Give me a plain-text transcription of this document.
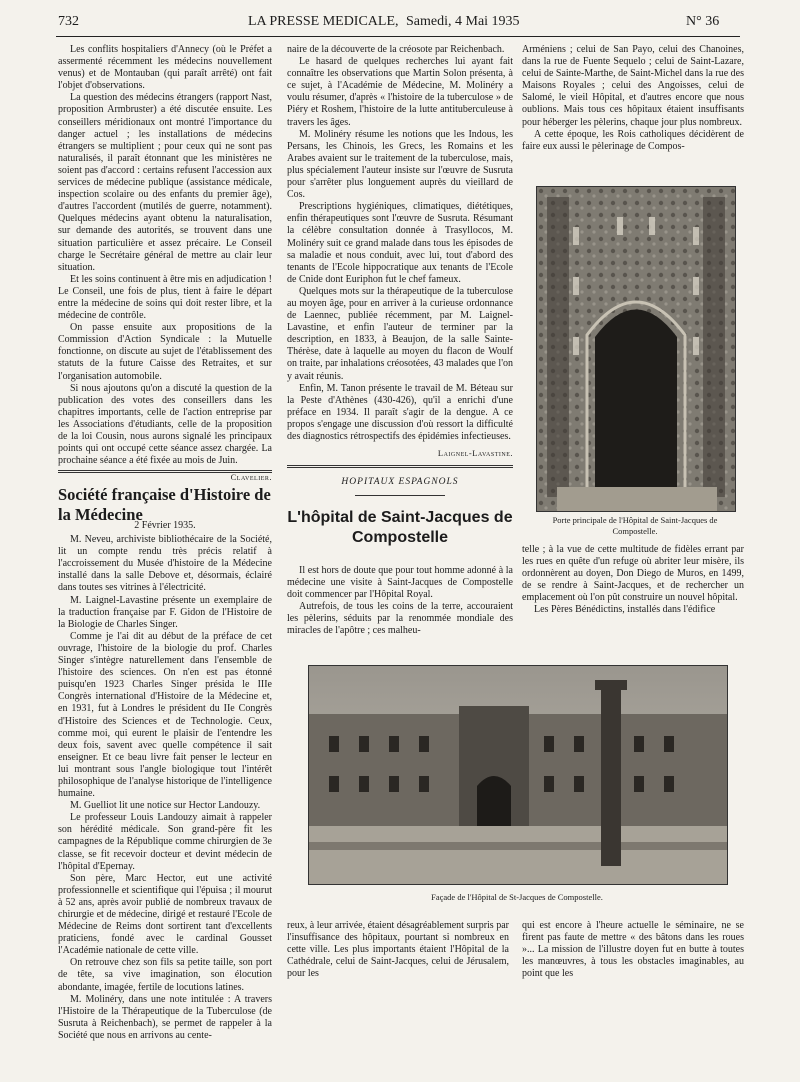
732	LA PRESSE MEDICALE, Samedi, 4 Mai 1935	N° 36

Les conflits hospitaliers d'Annecy (où le Préfet a assermenté récemment les médecins nouvellement venus) et de Montauban (qui paraît arrêté) ont fait l'objet d'observations.

La question des médecins étrangers (rapport Nast, proposition Armbruster) a été discutée ensuite. Les conseillers méridionaux ont montré l'importance du danger actuel ; les installations de médecins étrangers se multiplient ; pour ceux qui ne sont pas naturalisés, il paraît étonnant que les ministères ne soient pas d'accord : certains refusent l'accession aux services de médecine publique (assistance médicale, inspection scolaire ou des enfants du premier âge), d'autres l'accordent (mutilés de guerre, notamment). Quelques médecins ayant obtenu la naturalisation, sur demande des autorités, se trouvent dans une situation particulière et assez précaire. Le Conseil charge le Secrétaire général de mettre au clair leur situation.

Et les soins continuent à être mis en adjudication ! Le Conseil, une fois de plus, tient à faire le départ entre la médecine de soins qui doit rester libre, et la médecine de contrôle.

On passe ensuite aux propositions de la Commission d'Action Syndicale : la Mutuelle fonctionne, on discute au sujet de l'établissement des statuts de la future Caisse des Retraites, et sur l'organisation automobile.

Si nous ajoutons qu'on a discuté la question de la publication des votes des conseillers dans les chapitres importants, celle de l'action entreprise par les Associations d'étudiants, celle de la proposition de la loi Cousin, nous aurons signalé les principaux points qui ont occupé cette séance assez chargée. La prochaine séance a été fixée au mois de Juin.

Clavelier.
Société française d'Histoire de la Médecine
2 Février 1935.

M. Neveu, archiviste bibliothécaire de la Société, lit un compte rendu très précis relatif à l'accroissement du Musée d'histoire de la Médecine installé dans la salle Debove et, désormais, éclairé dans toutes ses vitrines à l'électricité.

M. Laignel-Lavastine présente un exemplaire de la traduction française par F. Gidon de l'Histoire de la Biologie de Charles Singer.

Comme je l'ai dit au début de la préface de cet ouvrage, l'histoire de la biologie du prof. Charles Singer s'intègre naturellement dans l'ensemble de l'histoire des sciences. On n'en est pas étonné puisqu'en 1923 Charles Singer présida le IIIe Congrès international d'Histoire de la Médecine et, en 1931, fut à Londres le président du IIe Congrès d'Histoire des Sciences et de Technologie. Ceux, comme moi, qui eurent le plaisir de l'entendre les deux fois, savent avec quelle compétence il sait enseigner. Et ce beau livre fait penser le lecteur en lui montrant sous l'angle biologique tout l'intérêt philosophique de l'analyse historique de l'intelligence humaine.

M. Guelliot lit une notice sur Hector Landouzy.

Le professeur Louis Landouzy aimait à rappeler son hérédité médicale. Son grand-père fit les campagnes de la République comme chirurgien de 3e classe, se fit recevoir docteur et devint médecin de l'hôpital d'Epernay.

Son père, Marc Hector, eut une activité professionnelle et scientifique qui l'épuisa ; il mourut à 52 ans, après avoir publié de nombreux travaux de chirurgie et de médecine, dirigé et restauré l'Ecole de Médecine de Reims dont sortirent tant d'excellents praticiens, fondé avec le cardinal Gousset l'Académie nationale de cette ville.

On retrouve chez son fils sa petite taille, son port de tête, sa vive imagination, son élocution abondante, imagée, fertile de locutions latines.

M. Molinéry, dans une note intitulée : A travers l'Histoire de la Thérapeutique de la Tuberculose (de Susruta à Reichenbach), se permet de rappeler à la Société que nous en arrivons au cente-

naire de la découverte de la créosote par Reichenbach.

Le hasard de quelques recherches lui ayant fait connaître les observations que Martin Solon présenta, à ce sujet, à l'Académie de Médecine, M. Molinéry a voulu résumer, d'après « l'histoire de la tuberculose » de Piéry et Roshem, l'histoire de la lutte antituberculeuse à travers les âges.

M. Molinéry résume les notions que les Indous, les Persans, les Chinois, les Grecs, les Romains et les Arabes avaient sur le traitement de la tuberculose, mais, plus spécialement l'auteur insiste sur l'œuvre de Susruta pour s'arrêter plus longuement auprès du vieillard de Cos.

Prescriptions hygiéniques, climatiques, diététiques, enfin thérapeutiques sont l'œuvre de Susruta. Résumant la célèbre consultation donnée à Trasyllocos, M. Molinéry suit ce grand malade dans tous les épisodes de sa maladie et nous conduit, avec lui, tout d'abord des tenants de l'Ecole hippocratique aux tenants de l'Ecole de Cnide dont Euriphon fut le chef fameux.

Quelques mots sur la thérapeutique de la tuberculose au moyen âge, pour en arriver à la curieuse ordonnance de Laennec, publiée récemment, par M. Laignel-Lavastine, et enfin l'auteur de terminer par la description, en 1833, à Beaujon, de la salle Sainte-Thérèse, date à laquelle au moyen du flacon de Woulf on traite, par inhalations créosotées, 43 malades que l'on y avait réunis.

Enfin, M. Tanon présente le travail de M. Béteau sur la Peste d'Athènes (430-426), qu'il a enrichi d'une préface en 1934. Il paraît s'agir de la dengue. A ce propos s'engage une discussion d'où ressort la difficulté des diagnostics rétrospectifs des épidémies infectieuses.

Laignel-Lavastine.
HOPITAUX ESPAGNOLS
L'hôpital de Saint-Jacques de Compostelle

Il est hors de doute que pour tout homme adonné à la médecine une visite à Saint-Jacques de Compostelle doit commencer par l'Hôpital Royal.

Autrefois, de tous les coins de la terre, accouraient les pèlerins, séduits par la renommée mondiale des miracles de l'apôtre ; ces malheu-

Arméniens ; celui de San Payo, celui des Chanoines, dans la rue de Fuente Sequelo ; celui de Saint-Lazare, celui de Sainte-Marthe, de Saint-Michel dans la rue des Maisons Royales ; celui des Angoisses, celui de Salomé, le vieil Hôpital, et d'autres encore que nous oublions. Mais tous ces hôpitaux étaient insuffisants pour héberger les pèlerins, chaque jour plus nombreux.

A cette époque, les Rois catholiques décidèrent de faire eux aussi le pèlerinage de Compos-

Porte principale de l'Hôpital de Saint-Jacques de Compostelle.

telle ; à la vue de cette multitude de fidèles errant par les rues en quête d'un refuge où abriter leur misère, ils ordonnèrent au doyen, Don Diego de Muros, en 1499, de se rendre à Saint-Jacques, et de rechercher un emplacement où l'on pût construire un nouvel hôpital.

Les Pères Bénédictins, installés dans l'édifice

Façade de l'Hôpital de St-Jacques de Compostelle.

reux, à leur arrivée, étaient désagréablement surpris par l'insuffisance des hôpitaux, pourtant si nombreux en cette ville. Les plus importants étaient l'Hôpital de la Cathédrale, celui de Saint-Jacques, celui de Jérusalem, pour les

qui est encore à l'heure actuelle le séminaire, ne se firent pas faute de mettre « des bâtons dans les roues »... La mission de l'illustre doyen fut en butte à toutes les manœuvres, à tous les obstacles imaginables, au point que les
